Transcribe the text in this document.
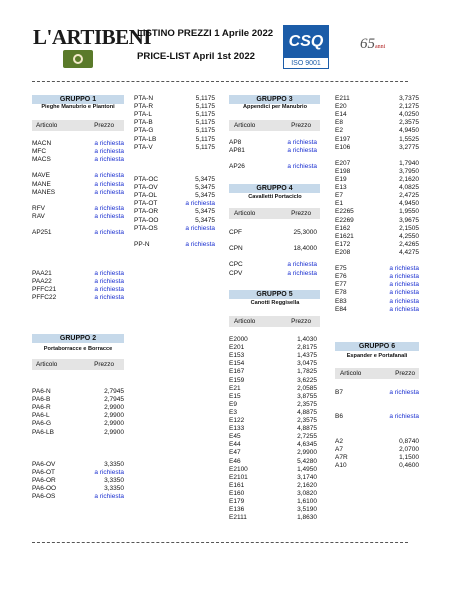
L'ARTIBENI
LISTINO PREZZI 1 Aprile 2022
PRICE-LIST April 1st 2022
CSQ
ISO 9001
65anni
GRUPPO 1
Pieghe Manubrio e Piantoni
Articolo	Prezzo
MACN	a richiesta
MFC	a richiesta
MACS	a richiesta
MAVE	a richiesta
MANE	a richiesta
MANES	a richiesta
RFV	a richiesta
RAV	a richiesta
AP251	a richiesta
PAA21	a richiesta
PAA22	a richiesta
PFFC21	a richiesta
PFFC22	a richiesta
GRUPPO 2
Portaborracce e Borracce
Articolo	Prezzo
PA6-N	2,7945
PA6-B	2,7945
PA6-R	2,9900
PA6-L	2,9900
PA6-G	2,9900
PA6-LB	2,9900
PA6-OV	3,3350
PA6-OT	a richiesta
PA6-OR	3,3350
PA6-OO	3,3350
PA6-OS	a richiesta
PTA-N	5,1175
PTA-R	5,1175
PTA-L	5,1175
PTA-B	5,1175
PTA-G	5,1175
PTA-LB	5,1175
PTA-V	5,1175
PTA-OC	5,3475
PTA-OV	5,3475
PTA-OL	5,3475
PTA-OT	a richiesta
PTA-OR	5,3475
PTA-OO	5,3475
PTA-OS	a richiesta
PP-N	a richiesta
GRUPPO 3
Appendici per Manubrio
Articolo	Prezzo
AP8	a richiesta
AP81	a richiesta
AP26	a richiesta
GRUPPO 4
Cavalletti Portaciclo
Articolo	Prezzo
CPF	25,3000
CPN	18,4000
CPC	a richiesta
CPV	a richiesta
GRUPPO 5
Canotti Reggisella
Articolo	Prezzo
E2000	1,4030
E201	2,8175
E153	1,4375
E154	3,0475
E167	1,7825
E159	3,6225
E21	2,0585
E15	3,8755
E9	2,3575
E3	4,8875
E122	2,3575
E133	4,8875
E45	2,7255
E44	4,6345
E47	2,9900
E46	5,4280
E2100	1,4950
E2101	3,1740
E161	2,1620
E160	3,0820
E179	1,6100
E136	3,5190
E2111	1,8630
E211	3,7375
E20	2,1275
E14	4,0250
E8	2,3575
E2	4,9450
E197	1,5525
E106	3,2775
E207	1,7940
E198	3,7950
E19	2,1620
E13	4,0825
E7	2,4725
E1	4,9450
E2265	1,9550
E2269	3,9675
E162	2,1505
E1621	4,2550
E172	2,4265
E208	4,4275
E75	a richiesta
E76	a richiesta
E77	a richiesta
E78	a richiesta
E83	a richiesta
E84	a richiesta
GRUPPO 6
Espander e Portafanali
Articolo	Prezzo
B7	a richiesta
B6	a richiesta
A2	0,8740
A7	2,0700
A7R	1,1500
A10	0,4600
